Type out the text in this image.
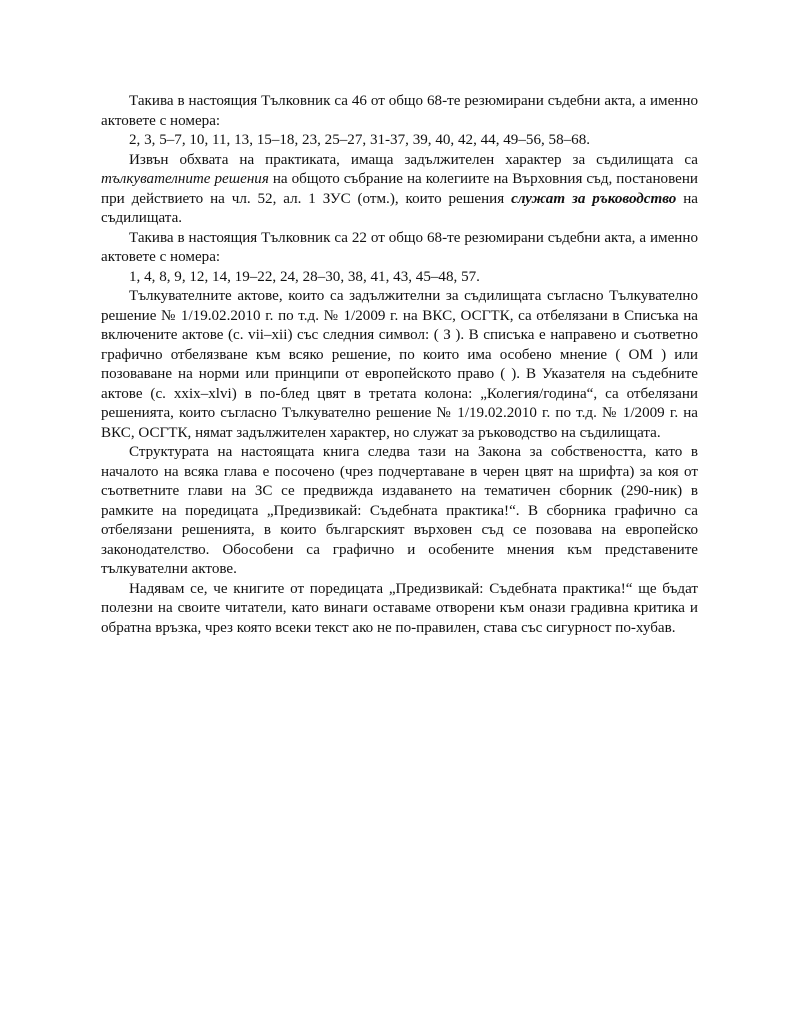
Такива в настоящия Тълковник са 46 от общо 68-те резюмирани съдебни акта, а именно актовете с номера:

2, 3, 5–7, 10, 11, 13, 15–18, 23, 25–27, 31-37, 39, 40, 42, 44, 49–56, 58–68.

Извън обхвата на практиката, имаща задължителен характер за съдилищата са тълкувателните решения на общото събрание на колегиите на Върховния съд, постановени при действието на чл. 52, ал. 1 ЗУС (отм.), които решения служат за ръководство на съдилищата.

Такива в настоящия Тълковник са 22 от общо 68-те резюмирани съдебни акта, а именно актовете с номера:

1, 4, 8, 9, 12, 14, 19–22, 24, 28–30, 38, 41, 43, 45–48, 57.

Тълкувателните актове, които са задължителни за съдилищата съгласно Тълкувателно решение № 1/19.02.2010 г. по т.д. № 1/2009 г. на ВКС, ОСГТК, са отбелязани в Списъка на включените актове (с. vii–xii) със следния символ: ( З ). В списъка е направено и съответно графично отбелязване към всяко решение, по които има особено мнение ( ОМ ) или позоваване на норми или принципи от европейското право ( ). В Указателя на съдебните актове (с. xxix–xlvi) в по-блед цвят в третата колона: „Колегия/година“, са отбелязани решенията, които съгласно Тълкувателно решение № 1/19.02.2010 г. по т.д. № 1/2009 г. на ВКС, ОСГТК, нямат задължителен характер, но служат за ръководство на съдилищата.

Структурата на настоящата книга следва тази на Закона за собствеността, като в началото на всяка глава е посочено (чрез подчертаване в черен цвят на шрифта) за коя от съответните глави на ЗС се предвижда издаването на тематичен сборник (290-ник) в рамките на поредицата „Предизвикай: Съдебната практика!“. В сборника графично са отбелязани решенията, в които българският върховен съд се позовава на европейско законодателство. Обособени са графично и особените мнения към представените тълкувателни актове.

Надявам се, че книгите от поредицата „Предизвикай: Съдебната практика!“ ще бъдат полезни на своите читатели, като винаги оставаме отворени към онази градивна критика и обратна връзка, чрез която всеки текст ако не по-правилен, става със сигурност по-хубав.
